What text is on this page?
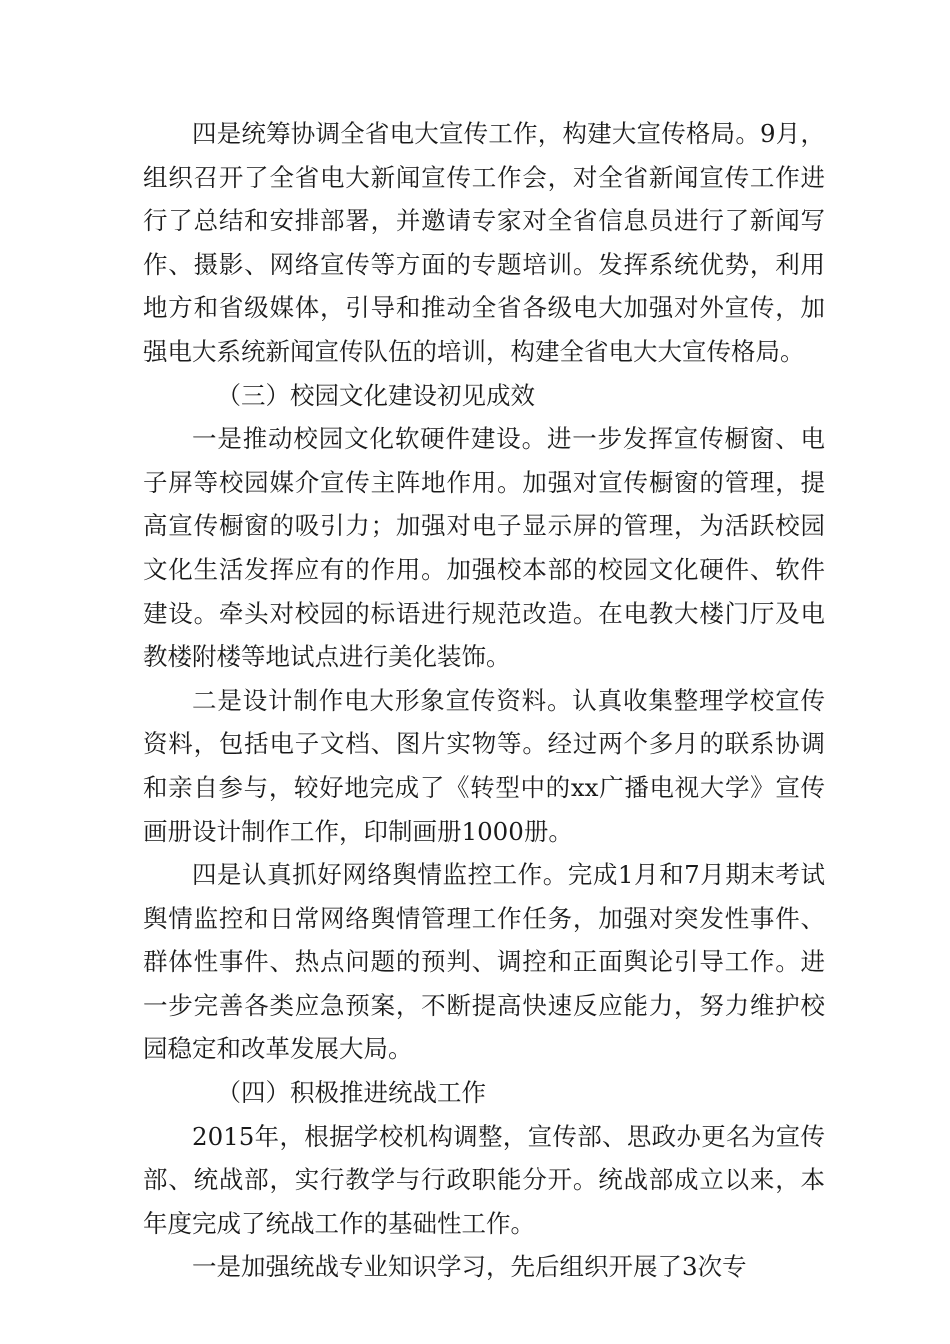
四是统筹协调全省电大宣传工作，构建大宣传格局。9月，组织召开了全省电大新闻宣传工作会，对全省新闻宣传工作进行了总结和安排部署，并邀请专家对全省信息员进行了新闻写作、摄影、网络宣传等方面的专题培训。发挥系统优势，利用地方和省级媒体，引导和推动全省各级电大加强对外宣传，加强电大系统新闻宣传队伍的培训，构建全省电大大宣传格局。

（三）校园文化建设初见成效

一是推动校园文化软硬件建设。进一步发挥宣传橱窗、电子屏等校园媒介宣传主阵地作用。加强对宣传橱窗的管理，提高宣传橱窗的吸引力；加强对电子显示屏的管理，为活跃校园文化生活发挥应有的作用。加强校本部的校园文化硬件、软件建设。牵头对校园的标语进行规范改造。在电教大楼门厅及电教楼附楼等地试点进行美化装饰。

二是设计制作电大形象宣传资料。认真收集整理学校宣传资料，包括电子文档、图片实物等。经过两个多月的联系协调和亲自参与，较好地完成了《转型中的xx广播电视大学》宣传画册设计制作工作，印制画册1000册。

四是认真抓好网络舆情监控工作。完成1月和7月期末考试舆情监控和日常网络舆情管理工作任务，加强对突发性事件、群体性事件、热点问题的预判、调控和正面舆论引导工作。进一步完善各类应急预案，不断提高快速反应能力，努力维护校园稳定和改革发展大局。

（四）积极推进统战工作

2015年，根据学校机构调整，宣传部、思政办更名为宣传部、统战部，实行教学与行政职能分开。统战部成立以来，本年度完成了统战工作的基础性工作。

一是加强统战专业知识学习，先后组织开展了3次专
